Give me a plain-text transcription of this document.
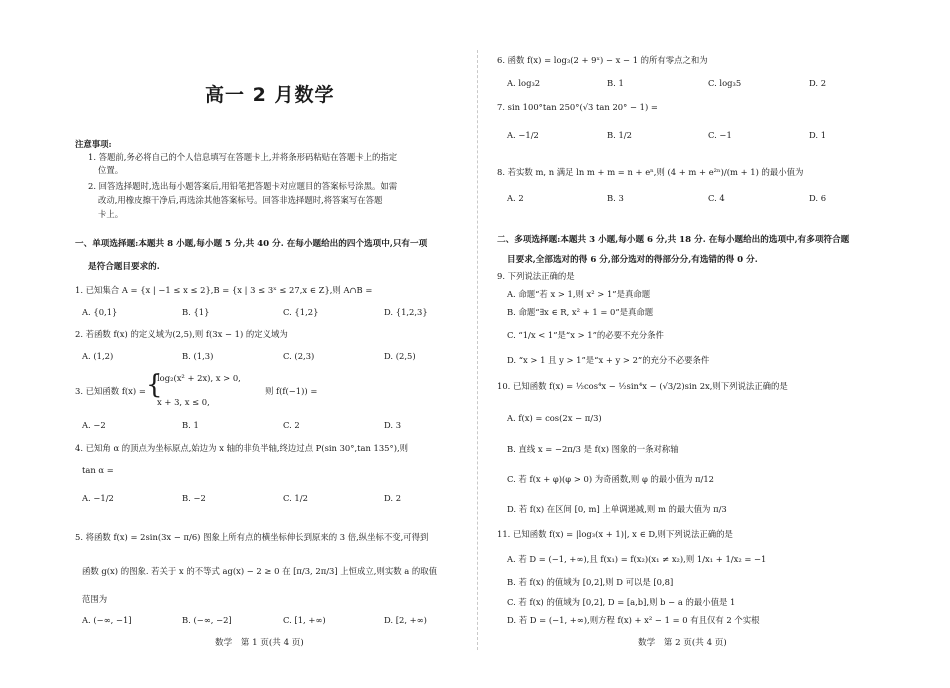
高一 2 月数学
注意事项:
1. 答题前,务必将自己的个人信息填写在答题卡上,并将条形码粘贴在答题卡上的指定
位置。
2. 回答选择题时,选出每小题答案后,用铅笔把答题卡对应题目的答案标号涂黑。如需
改动,用橡皮擦干净后,再选涂其他答案标号。回答非选择题时,将答案写在答题
卡上。
一、单项选择题:本题共 8 小题,每小题 5 分,共 40 分. 在每小题给出的四个选项中,只有一项
是符合题目要求的.
1. 已知集合 A = {x | −1 ≤ x ≤ 2},B = {x | 3 ≤ 3ˣ ≤ 27,x ∈ Z},则 A∩B =
A. {0,1}	B. {1}	C. {1,2}	D. {1,2,3}
2. 若函数 f(x) 的定义域为(2,5),则 f(3x − 1) 的定义域为
A. (1,2)	B. (1,3)	C. (2,3)	D. (2,5)
3. 已知函数 f(x) = {
log₂(x² + 2x), x > 0,
x + 3, x ≤ 0,
则 f(f(−1)) =
A. −2	B. 1	C. 2	D. 3
4. 已知角 α 的顶点为坐标原点,始边为 x 轴的非负半轴,终边过点 P(sin 30°,tan 135°),则
tan α =
A. −1/2	B. −2	C. 1/2	D. 2
5. 将函数 f(x) = 2sin(3x − π/6) 图象上所有点的横坐标伸长到原来的 3 倍,纵坐标不变,可得到
函数 g(x) 的图象. 若关于 x 的不等式 ag(x) − 2 ≥ 0 在 [π/3, 2π/3] 上恒成立,则实数 a 的取值
范围为
A. (−∞, −1]	B. (−∞, −2]	C. [1, +∞)	D. [2, +∞)
数学　第 1 页(共 4 页)
6. 函数 f(x) = log₃(2 + 9ˣ) − x − 1 的所有零点之和为
A. log₃2	B. 1	C. log₃5	D. 2
7. sin 100°tan 250°(√3 tan 20° − 1) =
A. −1/2	B. 1/2	C. −1	D. 1
8. 若实数 m, n 满足 ln m + m = n + eⁿ,则 (4 + m + e²ⁿ)/(m + 1) 的最小值为
A. 2	B. 3	C. 4	D. 6
二、多项选择题:本题共 3 小题,每小题 6 分,共 18 分. 在每小题给出的选项中,有多项符合题
目要求,全部选对的得 6 分,部分选对的得部分分,有选错的得 0 分.
9. 下列说法正确的是
A. 命题“若 x > 1,则 x² > 1”是真命题
B. 命题“∃x ∈ R, x² + 1 = 0”是真命题
C. “1/x < 1”是“x > 1”的必要不充分条件
D. “x > 1 且 y > 1”是“x + y > 2”的充分不必要条件
10. 已知函数 f(x) = ½cos⁴x − ½sin⁴x − (√3/2)sin 2x,则下列说法正确的是
A. f(x) = cos(2x − π/3)
B. 直线 x = −2π/3 是 f(x) 图象的一条对称轴
C. 若 f(x + φ)(φ > 0) 为奇函数,则 φ 的最小值为 π/12
D. 若 f(x) 在区间 [0, m] 上单调递减,则 m 的最大值为 π/3
11. 已知函数 f(x) = |log₃(x + 1)|, x ∈ D,则下列说法正确的是
A. 若 D = (−1, +∞),且 f(x₁) = f(x₂)(x₁ ≠ x₂),则 1/x₁ + 1/x₂ = −1
B. 若 f(x) 的值域为 [0,2],则 D 可以是 [0,8]
C. 若 f(x) 的值域为 [0,2], D = [a,b],则 b − a 的最小值是 1
D. 若 D = (−1, +∞),则方程 f(x) + x² − 1 = 0 有且仅有 2 个实根
数学　第 2 页(共 4 页)
